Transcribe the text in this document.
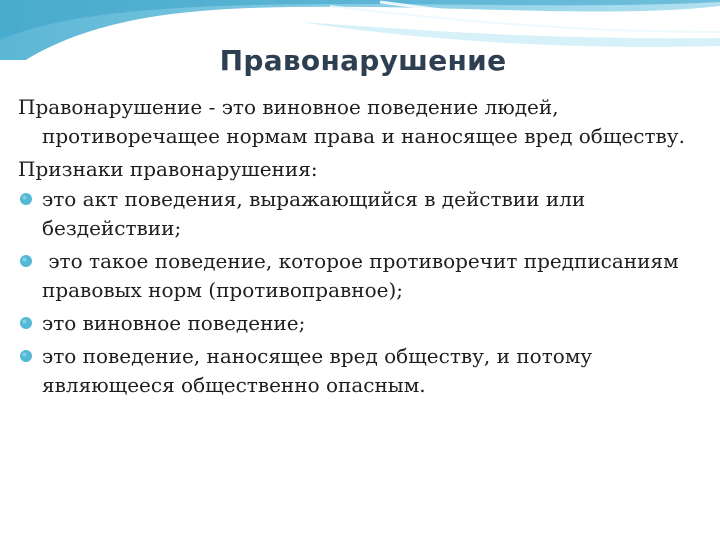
Правонарушение

Правонарушение - это виновное поведение людей, противоречащее нормам права и наносящее вред обществу.

Признаки правонарушения:

это акт поведения, выражающийся в действии или бездействии;
это такое поведение, которое противоречит предписаниям правовых норм (противоправное);
это виновное поведение;
это поведение, наносящее вред обществу, и потому являющееся общественно опасным.
